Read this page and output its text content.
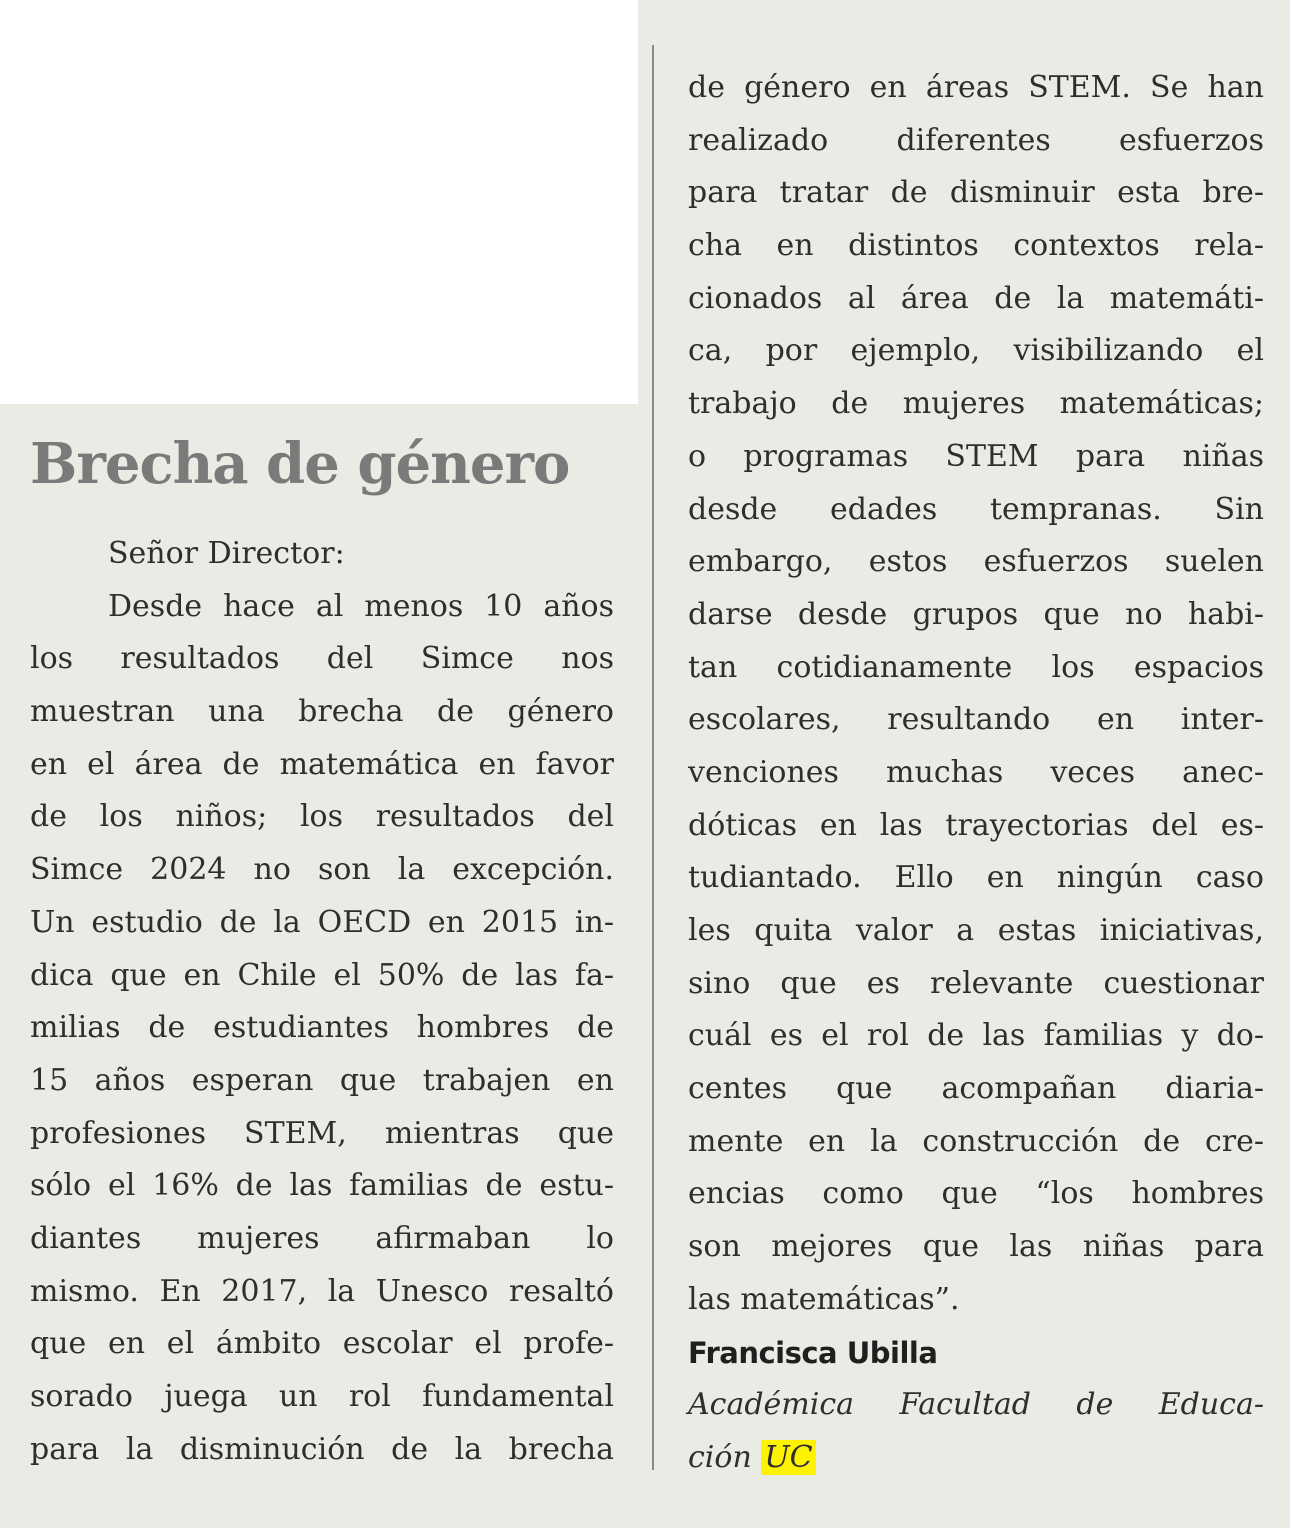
Brecha de género
Señor Director:
Desde hace al menos 10 años
los resultados del Simce nos
muestran una brecha de género
en el área de matemática en favor
de los niños; los resultados del
Simce 2024 no son la excepción.
Un estudio de la OECD en 2015 in-
dica que en Chile el 50% de las fa-
milias de estudiantes hombres de
15 años esperan que trabajen en
profesiones STEM, mientras que
sólo el 16% de las familias de estu-
diantes mujeres afirmaban lo
mismo. En 2017, la Unesco resaltó
que en el ámbito escolar el profe-
sorado juega un rol fundamental
para la disminución de la brecha
de género en áreas STEM. Se han
realizado diferentes esfuerzos
para tratar de disminuir esta bre-
cha en distintos contextos rela-
cionados al área de la matemáti-
ca, por ejemplo, visibilizando el
trabajo de mujeres matemáticas;
o programas STEM para niñas
desde edades tempranas. Sin
embargo, estos esfuerzos suelen
darse desde grupos que no habi-
tan cotidianamente los espacios
escolares, resultando en inter-
venciones muchas veces anec-
dóticas en las trayectorias del es-
tudiantado. Ello en ningún caso
les quita valor a estas iniciativas,
sino que es relevante cuestionar
cuál es el rol de las familias y do-
centes que acompañan diaria-
mente en la construcción de cre-
encias como que “los hombres
son mejores que las niñas para
las matemáticas”.
Francisca Ubilla
Académica Facultad de Educa-
ción UC
